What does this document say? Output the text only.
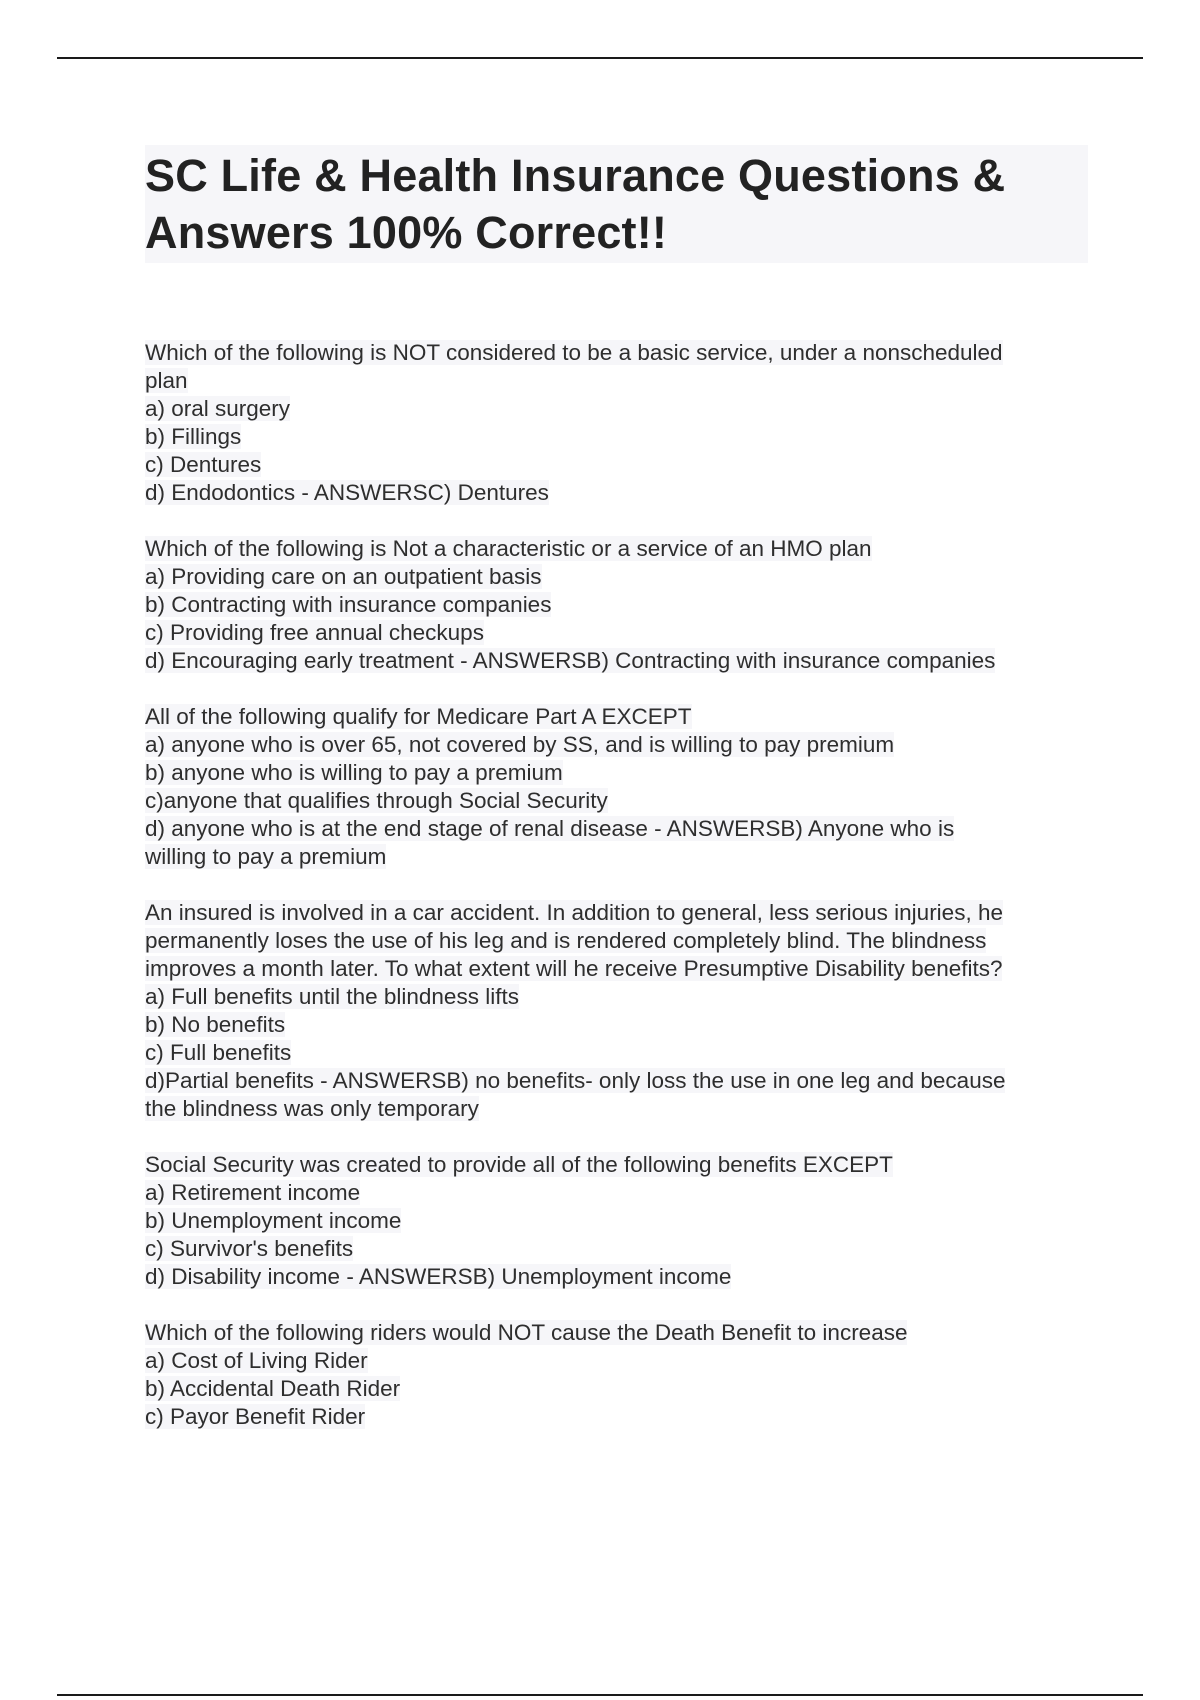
SC Life & Health Insurance Questions &
Answers 100% Correct!!
Which of the following is NOT considered to be a basic service, under a nonscheduled
plan
a) oral surgery
b) Fillings
c) Dentures
d) Endodontics - ANSWERSC) Dentures
Which of the following is Not a characteristic or a service of an HMO plan
a) Providing care on an outpatient basis
b) Contracting with insurance companies
c) Providing free annual checkups
d) Encouraging early treatment - ANSWERSB) Contracting with insurance companies
All of the following qualify for Medicare Part A EXCEPT
a) anyone who is over 65, not covered by SS, and is willing to pay premium
b) anyone who is willing to pay a premium
c)anyone that qualifies through Social Security
d) anyone who is at the end stage of renal disease - ANSWERSB) Anyone who is
willing to pay a premium
An insured is involved in a car accident. In addition to general, less serious injuries, he
permanently loses the use of his leg and is rendered completely blind. The blindness
improves a month later. To what extent will he receive Presumptive Disability benefits?
a) Full benefits until the blindness lifts
b) No benefits
c) Full benefits
d)Partial benefits - ANSWERSB) no benefits- only loss the use in one leg and because
the blindness was only temporary
Social Security was created to provide all of the following benefits EXCEPT
a) Retirement income
b) Unemployment income
c) Survivor's benefits
d) Disability income - ANSWERSB) Unemployment income
Which of the following riders would NOT cause the Death Benefit to increase
a) Cost of Living Rider
b) Accidental Death Rider
c) Payor Benefit Rider
